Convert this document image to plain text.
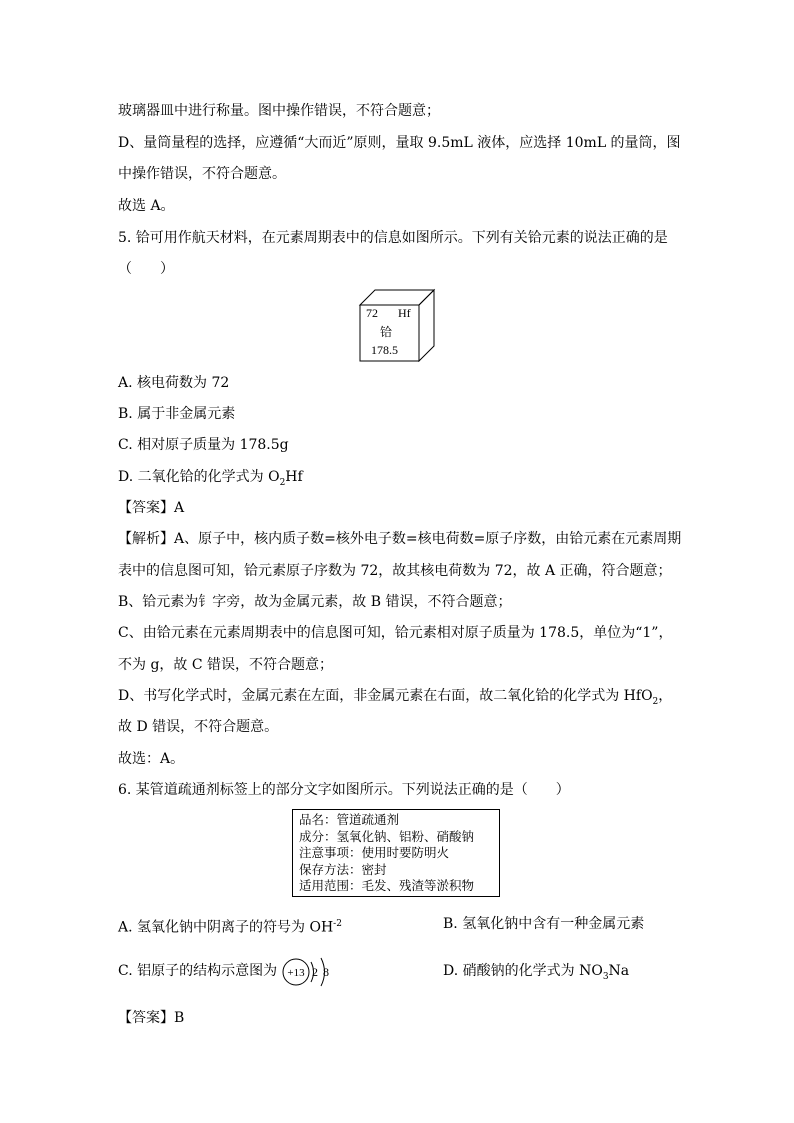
玻璃器皿中进行称量。图中操作错误，不符合题意；
D、量筒量程的选择，应遵循“大而近”原则，量取 9.5mL 液体，应选择 10mL 的量筒，图
中操作错误，不符合题意。
故选 A。
5. 铪可用作航天材料，在元素周期表中的信息如图所示。下列有关铪元素的说法正确的是
（　　）
72 Hf
铪
178.5
A. 核电荷数为 72
B. 属于非金属元素
C. 相对原子质量为 178.5g
D. 二氧化铪的化学式为 $O_2Hf$
【答案】A
【解析】A、原子中，核内质子数=核外电子数=核电荷数=原子序数，由铪元素在元素周期
表中的信息图可知，铪元素原子序数为 72，故其核电荷数为 72，故 A 正确，符合题意；
B、铪元素为钅字旁，故为金属元素，故 B 错误，不符合题意；
C、由铪元素在元素周期表中的信息图可知，铪元素相对原子质量为 178.5，单位为“1”，
不为 g，故 C 错误，不符合题意；
D、书写化学式时，金属元素在左面，非金属元素在右面，故二氧化铪的化学式为 HfO$_2$，
故 D 错误，不符合题意。
故选：A。
6. 某管道疏通剂标签上的部分文字如图所示。下列说法正确的是（　　）
品名：管道疏通剂
成分：氢氧化钠、铝粉、硝酸钠
注意事项：使用时要防明火
保存方法：密封
适用范围：毛发、残渣等淤积物
A. 氢氧化钠中阴离子的符号为 $OH^{-2}$	B. 氢氧化钠中含有一种金属元素
C. 铝原子的结构示意图为 +13 2 8	D. 硝酸钠的化学式为 $NO_3Na$
【答案】B
